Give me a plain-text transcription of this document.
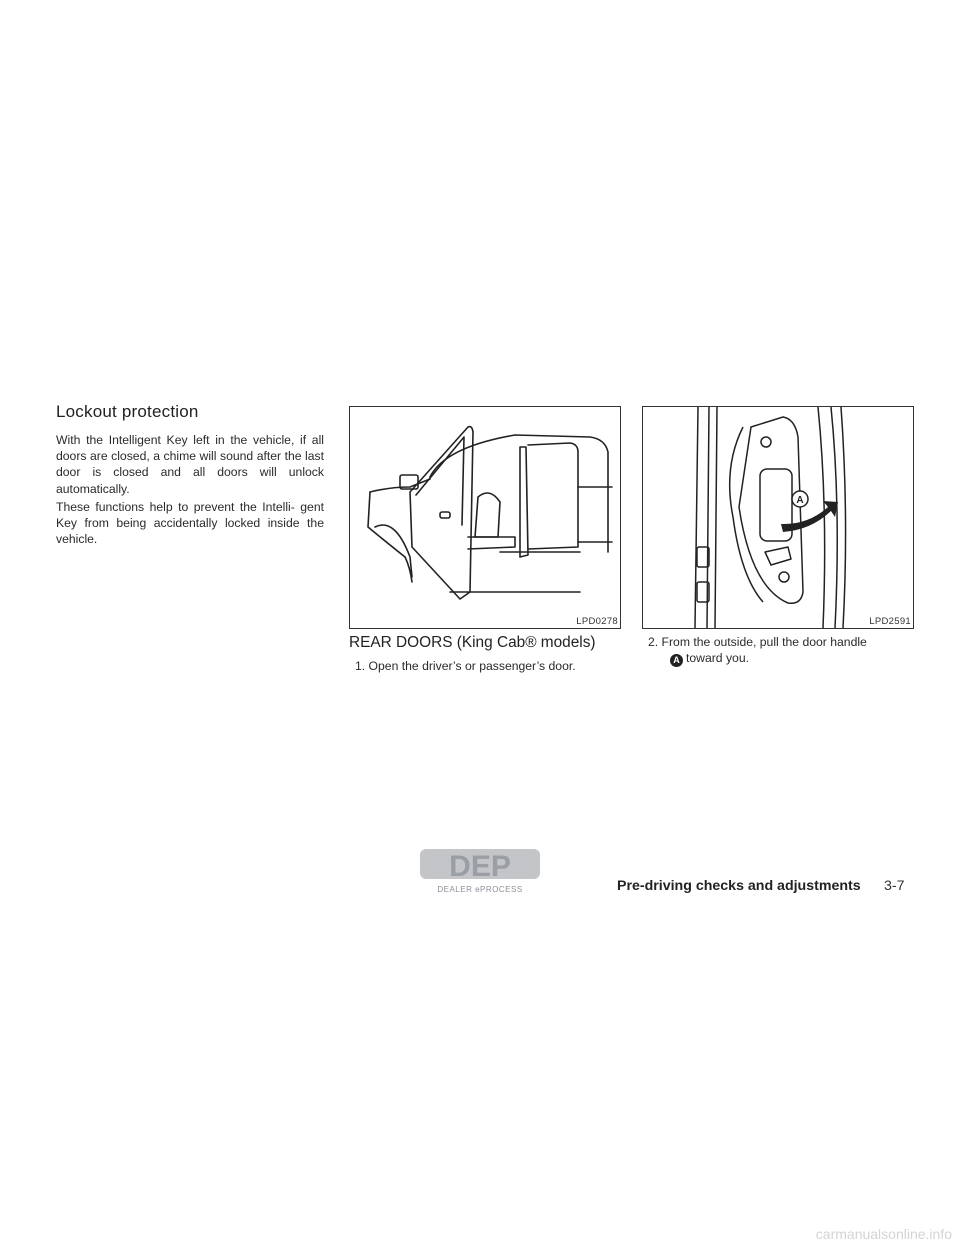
Lockout protection

With the Intelligent Key left in the vehicle, if all doors are closed, a chime will sound after the last door is closed and all doors will unlock automatically.

These functions help to prevent the Intelli- gent Key from being accidentally locked inside the vehicle.

LPD0278
A
LPD2591
REAR DOORS (King Cab® models)
1. Open the driver’s or passenger’s door.
2. From the outside, pull the door handle
A toward you.
DEP
DEALER ePROCESS	Pre-driving checks and adjustments 3-7
carmanualsonline.info
